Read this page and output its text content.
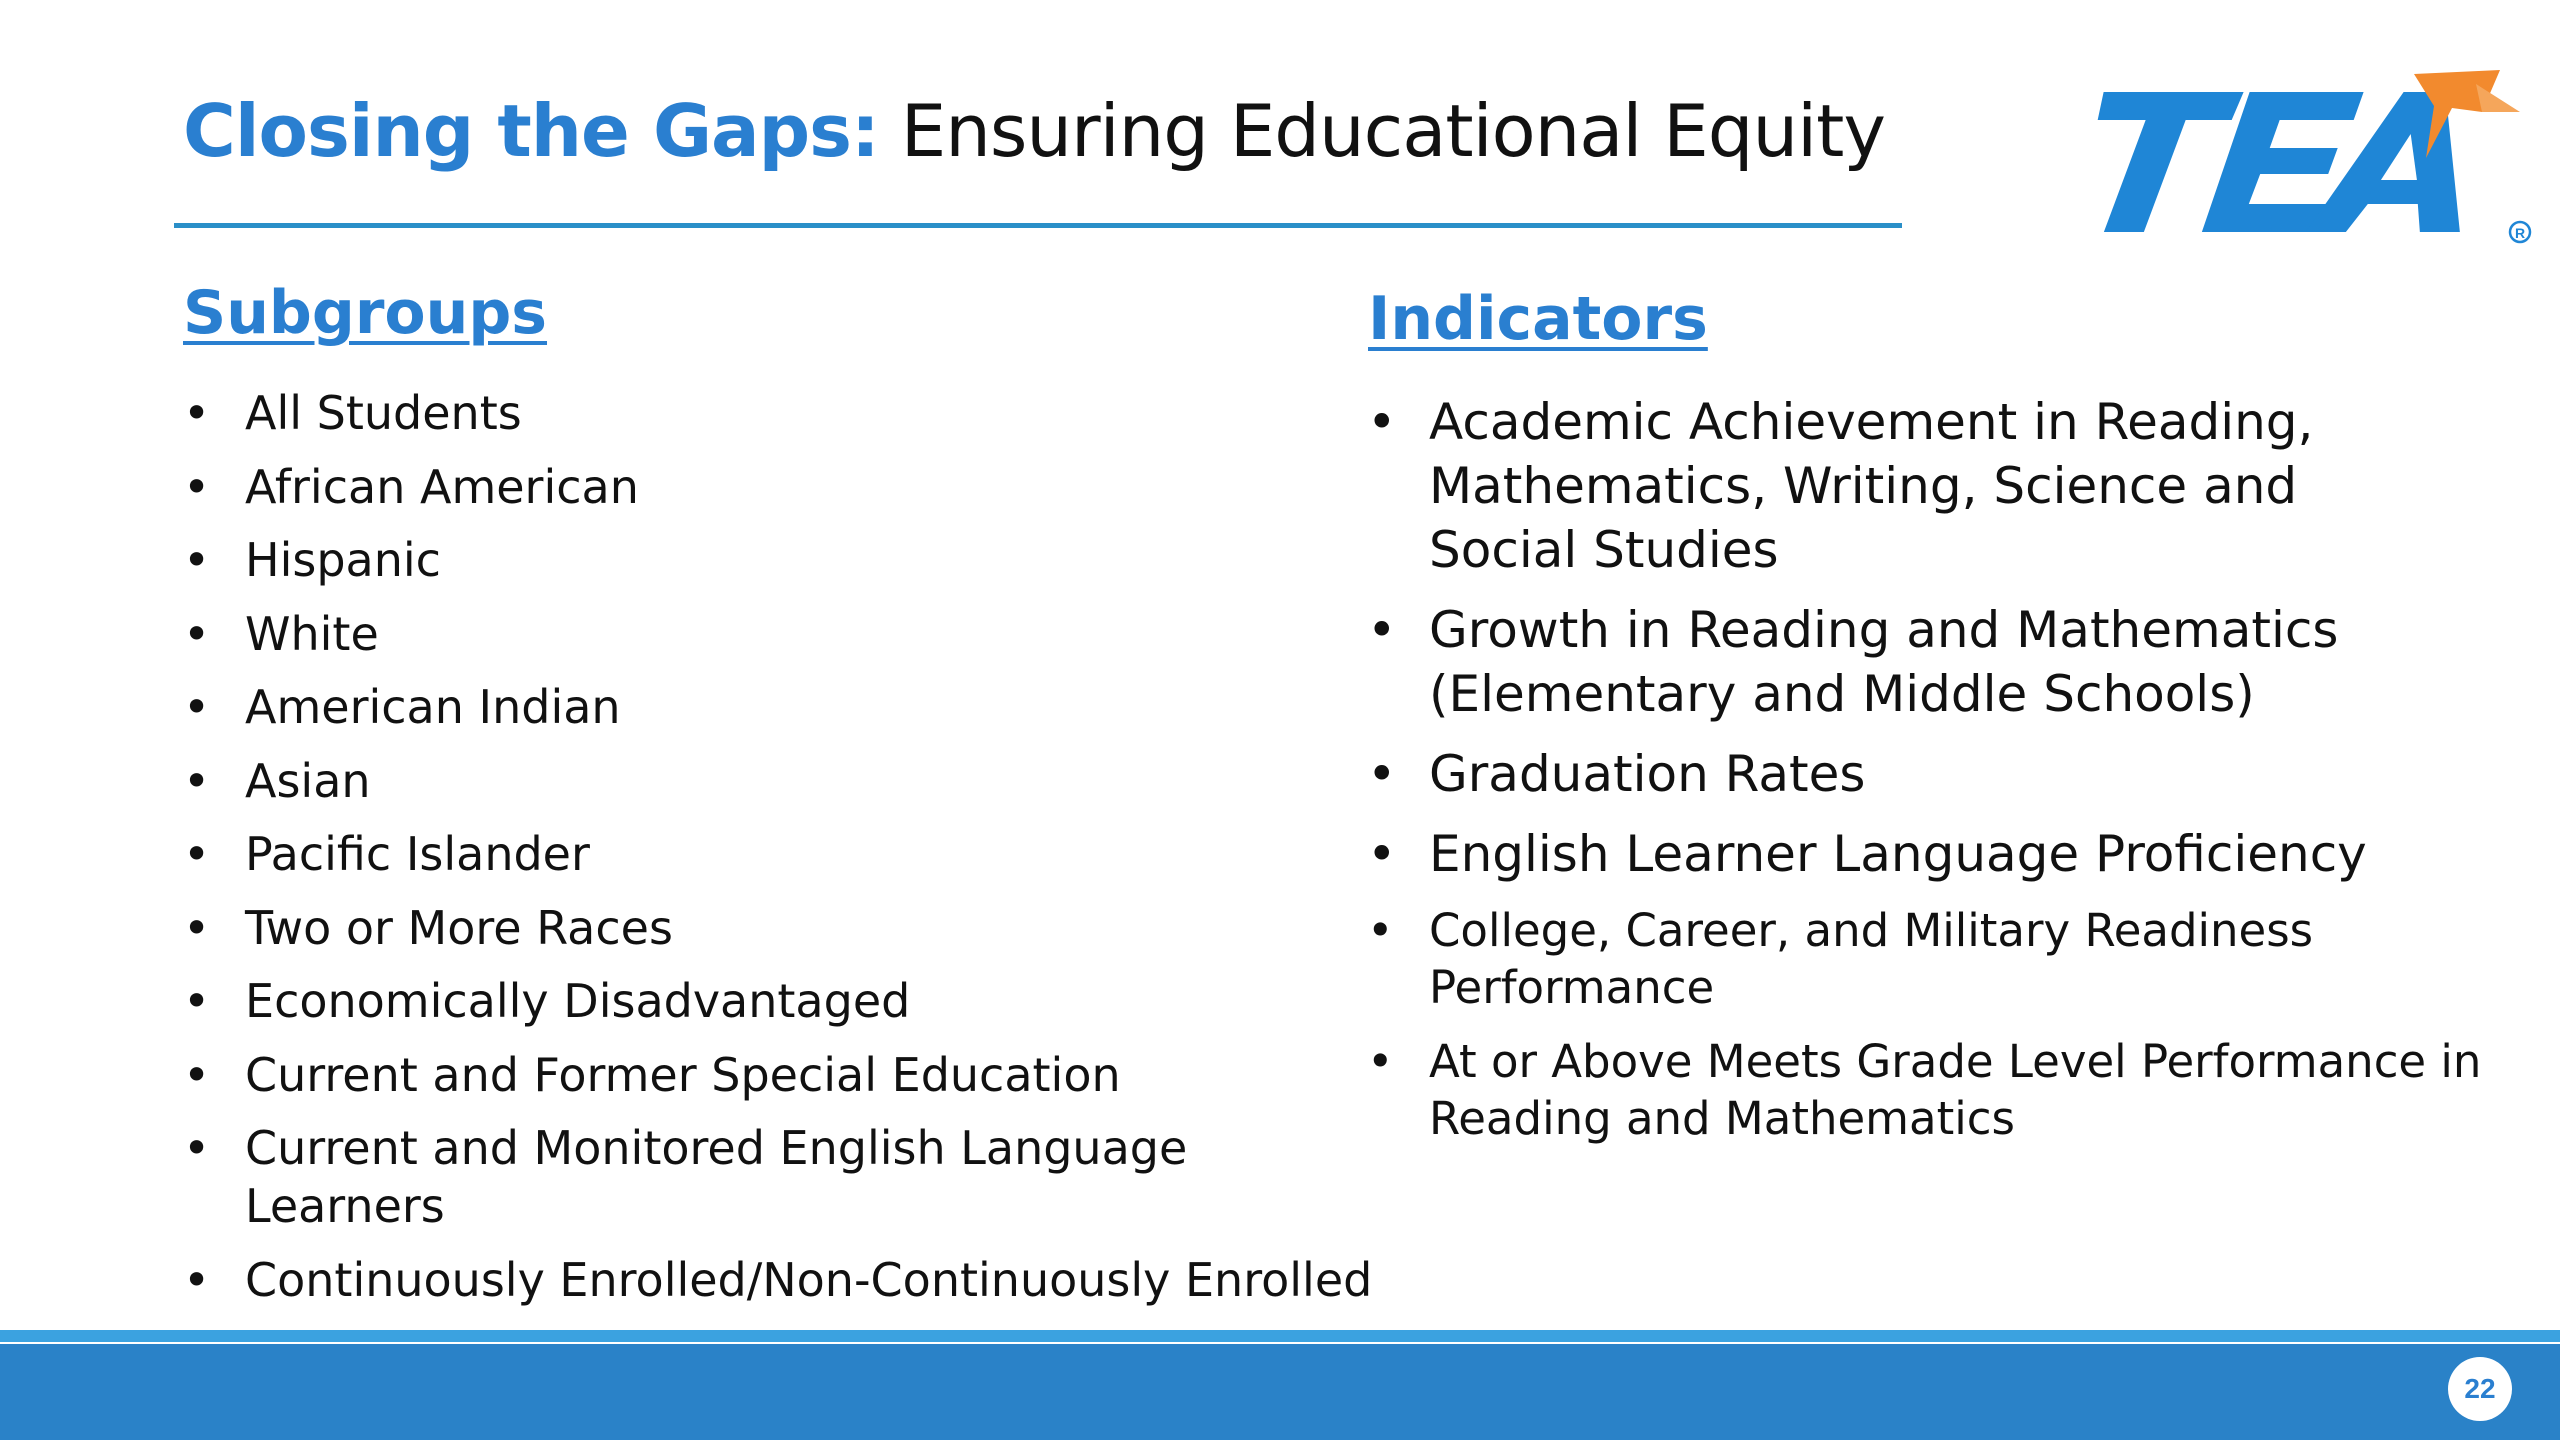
Closing the Gaps: Ensuring Educational Equity
R
Subgroups
• All Students
• African American
• Hispanic
• White
• American Indian
• Asian
• Pacific Islander
• Two or More Races
• Economically Disadvantaged
• Current and Former Special Education
• Current and Monitored English Language Learners
• Continuously Enrolled/Non-Continuously Enrolled
Indicators
• Academic Achievement in Reading, Mathematics, Writing, Science and Social Studies
• Growth in Reading and Mathematics (Elementary and Middle Schools)
• Graduation Rates
• English Learner Language Proficiency
• College, Career, and Military Readiness Performance
• At or Above Meets Grade Level Performance in Reading and Mathematics
22
